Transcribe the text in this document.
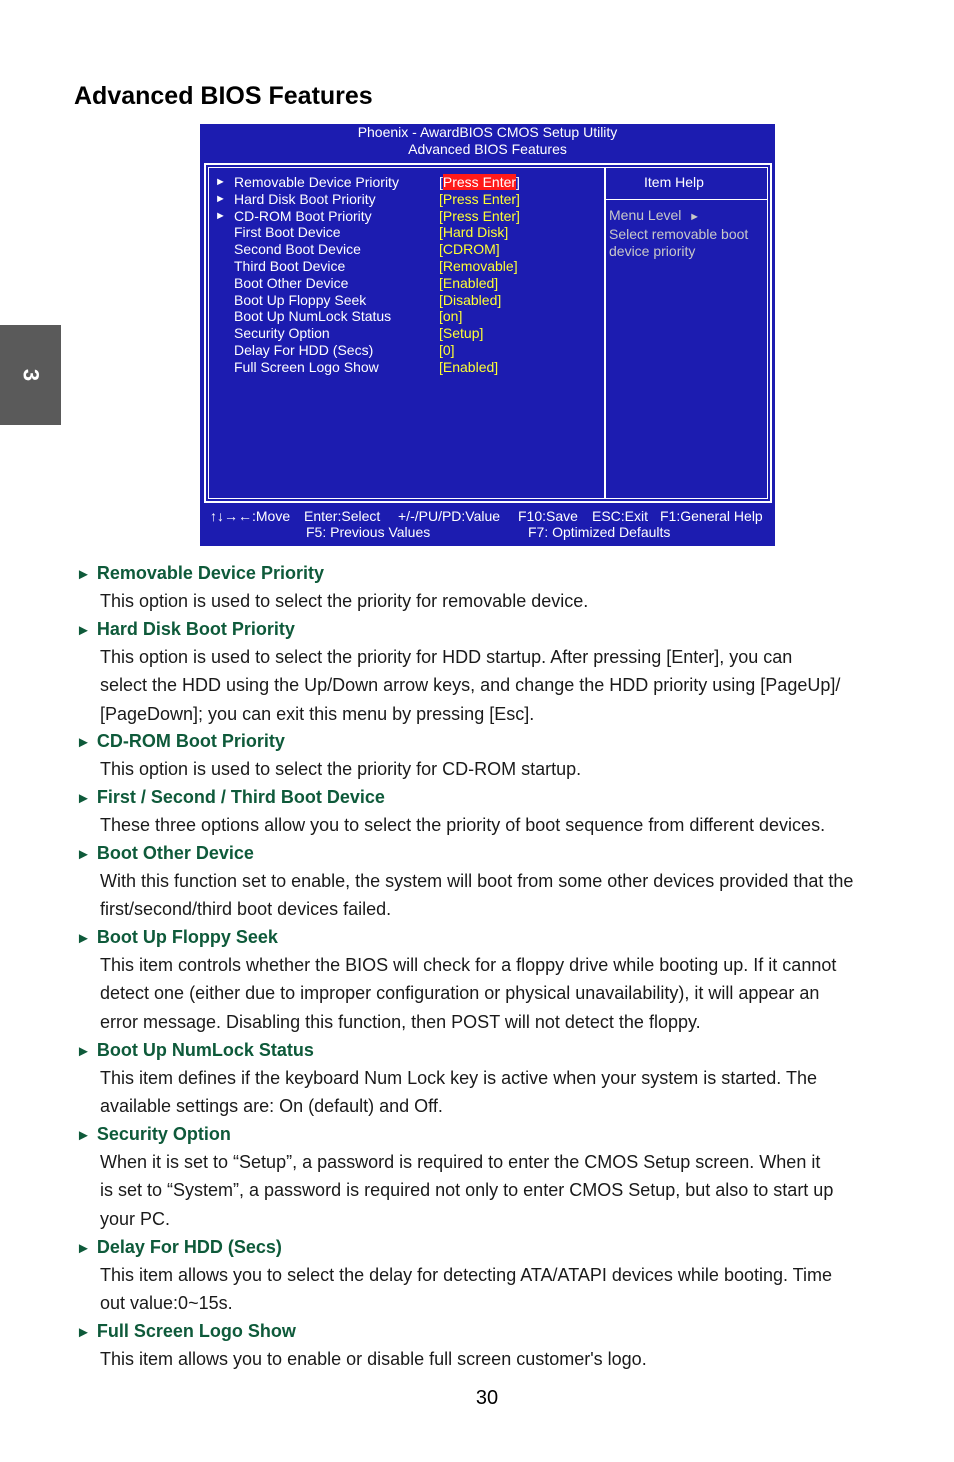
3
Advanced BIOS Features
Phoenix - AwardBIOS CMOS Setup Utility
Advanced BIOS Features
► Removable Device Priority	[Press Enter]
► Hard Disk Boot Priority	[Press Enter]
► CD-ROM Boot Priority	[Press Enter]
First Boot Device	[Hard Disk]
Second Boot Device	[CDROM]
Third Boot Device	[Removable]
Boot Other Device	[Enabled]
Boot Up Floppy Seek	[Disabled]
Boot Up NumLock Status	[on]
Security Option	[Setup]
Delay For HDD (Secs)	[0]
Full Screen Logo Show	[Enabled]
Item Help
Menu Level ►
Select removable boot
device priority
↑↓→←:Move Enter:Select +/-/PU/PD:Value F10:Save ESC:Exit F1:General Help
F5: Previous Values	F7: Optimized Defaults
► Removable Device Priority
This option is used to select the priority for removable device.
► Hard Disk Boot Priority
This option is used to select the priority for HDD startup. After pressing [Enter], you can
select the HDD using the Up/Down arrow keys, and change the HDD priority using [PageUp]/
[PageDown]; you can exit this menu by pressing [Esc].
► CD-ROM Boot Priority
This option is used to select the priority for CD-ROM startup.
► First / Second / Third Boot Device
These three options allow you to select the priority of boot sequence from different devices.
► Boot Other Device
With this function set to enable, the system will boot from some other devices provided that the
first/second/third boot devices failed.
► Boot Up Floppy Seek
This item controls whether the BIOS will check for a floppy drive while booting up. If it cannot
detect one (either due to improper configuration or physical unavailability), it will appear an
error message. Disabling this function, then POST will not detect the floppy.
► Boot Up NumLock Status
This item defines if the keyboard Num Lock key is active when your system is started. The
available settings are: On (default) and Off.
► Security Option
When it is set to “Setup”, a password is required to enter the CMOS Setup screen. When it
is set to “System”, a password is required not only to enter CMOS Setup, but also to start up
your PC.
► Delay For HDD (Secs)
This item allows you to select the delay for detecting ATA/ATAPI devices while booting. Time
out value:0~15s.
► Full Screen Logo Show
This item allows you to enable or disable full screen customer's logo.
30
